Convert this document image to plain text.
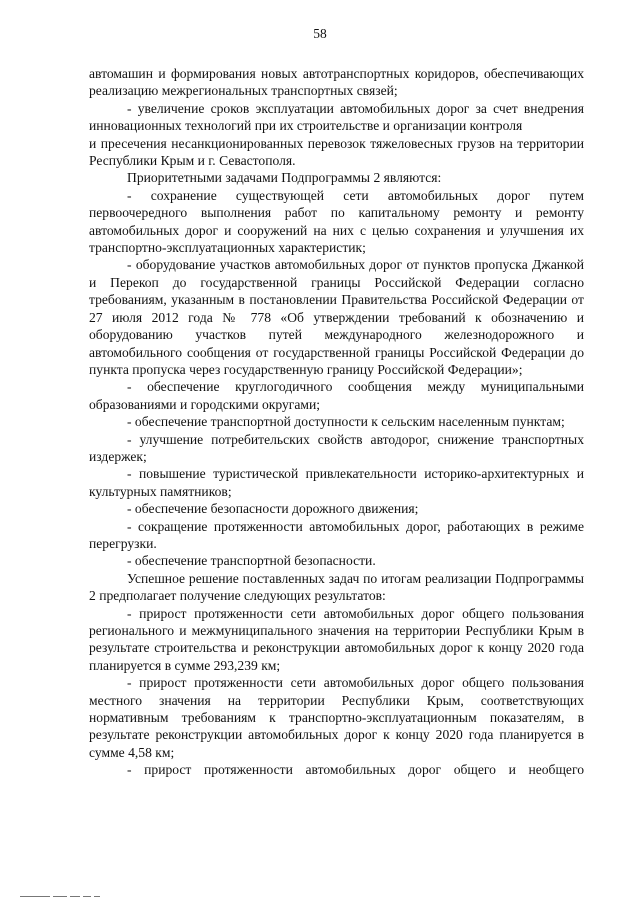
58

автомашин и формирования новых автотранспортных коридоров, обеспечивающих реализацию межрегиональных транспортных связей;

- увеличение сроков эксплуатации автомобильных дорог за счет внедрения инновационных технологий при их строительстве и организации контроля

и пресечения несанкционированных перевозок тяжеловесных грузов на территории Республики Крым и г. Севастополя.

Приоритетными задачами Подпрограммы 2 являются:

- сохранение существующей сети автомобильных дорог путем первоочередного выполнения работ по капитальному ремонту и ремонту автомобильных дорог и сооружений на них с целью сохранения и улучшения их транспортно-эксплуатационных характеристик;

- оборудование участков автомобильных дорог от пунктов пропуска Джанкой и Перекоп до государственной границы Российской Федерации согласно требованиям, указанным в постановлении Правительства Российской Федерации от 27 июля 2012 года № 778 «Об утверждении требований к обозначению и оборудованию участков путей международного железнодорожного и автомобильного сообщения от государственной границы Российской Федерации до пункта пропуска через государственную границу Российской Федерации»;

- обеспечение круглогодичного сообщения между муниципальными образованиями и городскими округами;

- обеспечение транспортной доступности к сельским населенным пунктам;

- улучшение потребительских свойств автодорог, снижение транспортных издержек;

- повышение туристической привлекательности историко-архитектурных и культурных памятников;

- обеспечение безопасности дорожного движения;

- сокращение протяженности автомобильных дорог, работающих в режиме перегрузки.

- обеспечение транспортной безопасности.

Успешное решение поставленных задач по итогам реализации Подпрограммы 2 предполагает получение следующих результатов:

- прирост протяженности сети автомобильных дорог общего пользования регионального и межмуниципального значения на территории Республики Крым в результате строительства и реконструкции автомобильных дорог к концу 2020 года планируется в сумме 293,239 км;

- прирост протяженности сети автомобильных дорог общего пользования местного значения на территории Республики Крым, соответствующих нормативным требованиям к транспортно-эксплуатационным показателям, в результате реконструкции автомобильных дорог к концу 2020 года планируется в сумме 4,58 км;

- прирост протяженности автомобильных дорог общего и необщего
